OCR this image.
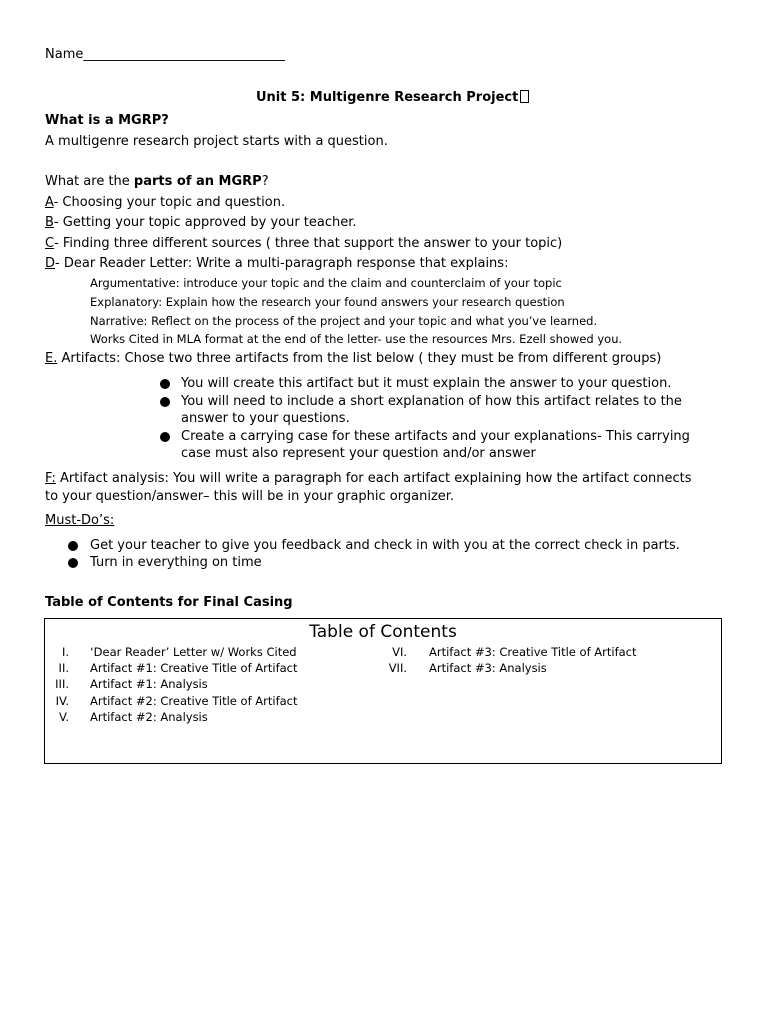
Name_______________________________
Unit 5: Multigenre Research Project
What is a MGRP?
A multigenre research project starts with a question.
What are the parts of an MGRP?
A- Choosing your topic and question.
B- Getting your topic approved by your teacher.
C- Finding three different sources ( three that support the answer to your topic)
D- Dear Reader Letter: Write a multi-paragraph response that explains:
Argumentative: introduce your topic and the claim and counterclaim of your topic
Explanatory: Explain how the research your found answers your research question
Narrative: Reflect on the process of the project and your topic and what you’ve learned.
Works Cited in MLA format at the end of the letter- use the resources Mrs. Ezell showed you.
E. Artifacts: Chose two three artifacts from the list below ( they must be from different groups)
You will create this artifact but it must explain the answer to your question.
You will need to include a short explanation of how this artifact relates to the
answer to your questions.
Create a carrying case for these artifacts and your explanations- This carrying
case must also represent your question and/or answer
F: Artifact analysis: You will write a paragraph for each artifact explaining how the artifact connects
to your question/answer– this will be in your graphic organizer.
Must-Do’s:
Get your teacher to give you feedback and check in with you at the correct check in parts.
Turn in everything on time
Table of Contents for Final Casing
Table of Contents
I. ‘Dear Reader’ Letter w/ Works Cited
II. Artifact #1: Creative Title of Artifact
III. Artifact #1: Analysis
IV. Artifact #2: Creative Title of Artifact
V. Artifact #2: Analysis
VI. Artifact #3: Creative Title of Artifact
VII. Artifact #3: Analysis
